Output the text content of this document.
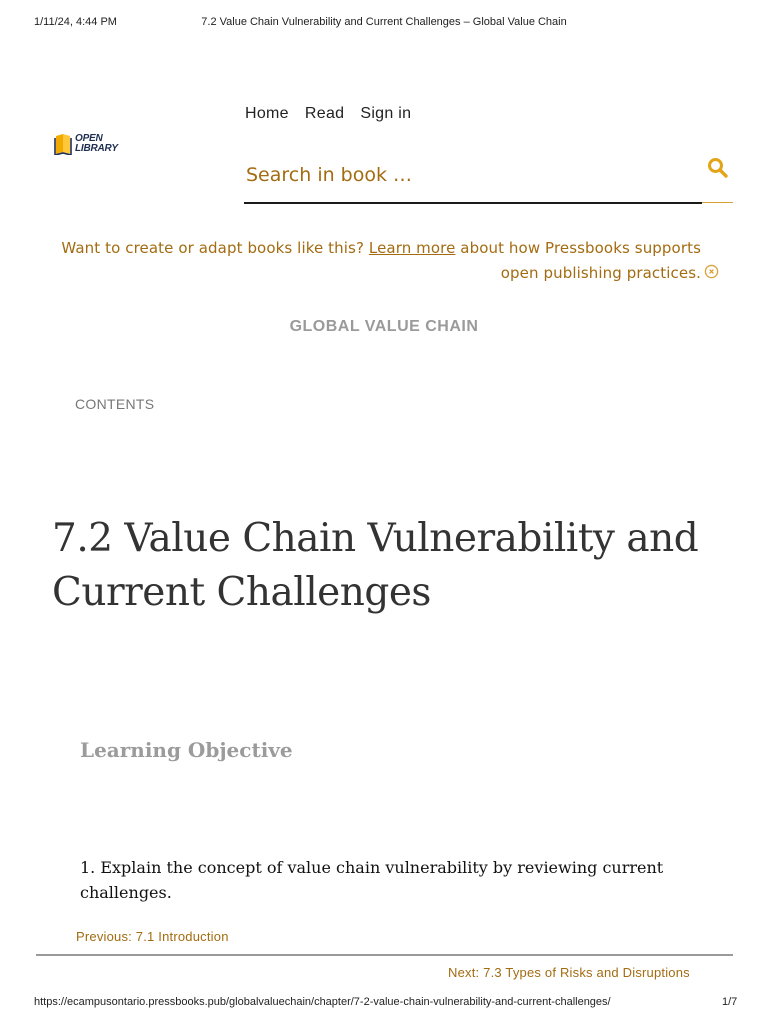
1/11/24, 4:44 PM	7.2 Value Chain Vulnerability and Current Challenges – Global Value Chain
OPEN
LIBRARY
Home Read Sign in
Search in book …
Want to create or adapt books like this? Learn more about how Pressbooks supports open publishing practices.
GLOBAL VALUE CHAIN
CONTENTS
7.2 Value Chain Vulnerability and Current Challenges
Learning Objective
1. Explain the concept of value chain vulnerability by reviewing current challenges.
Previous: 7.1 Introduction
Next: 7.3 Types of Risks and Disruptions
https://ecampusontario.pressbooks.pub/globalvaluechain/chapter/7-2-value-chain-vulnerability-and-current-challenges/	1/7
